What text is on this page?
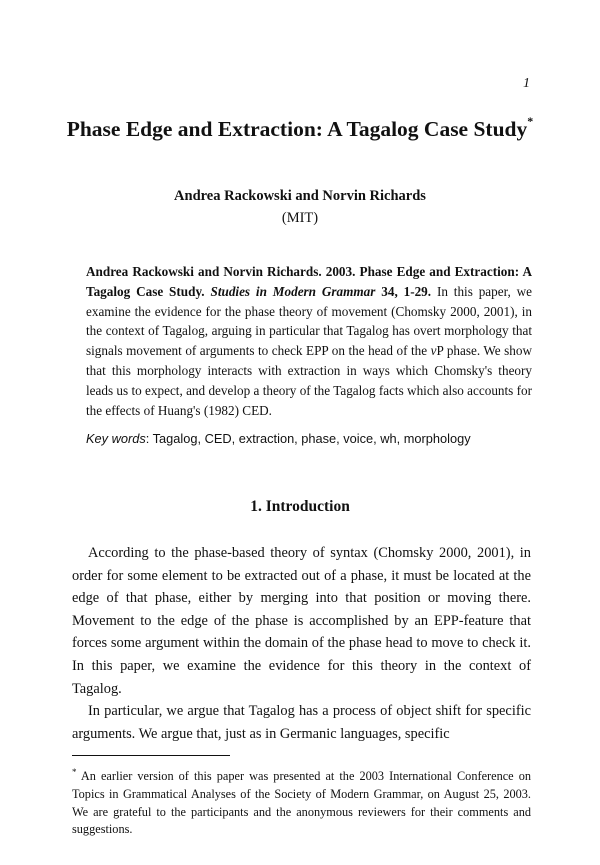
1
Phase Edge and Extraction: A Tagalog Case Study*
Andrea Rackowski and Norvin Richards
(MIT)

Andrea Rackowski and Norvin Richards. 2003. Phase Edge and Extraction: A Tagalog Case Study. Studies in Modern Grammar 34, 1-29. In this paper, we examine the evidence for the phase theory of movement (Chomsky 2000, 2001), in the context of Tagalog, arguing in particular that Tagalog has overt morphology that signals movement of arguments to check EPP on the head of the vP phase. We show that this morphology interacts with extraction in ways which Chomsky's theory leads us to expect, and develop a theory of the Tagalog facts which also accounts for the effects of Huang's (1982) CED.

Key words: Tagalog, CED, extraction, phase, voice, wh, morphology
1. Introduction

According to the phase-based theory of syntax (Chomsky 2000, 2001), in order for some element to be extracted out of a phase, it must be located at the edge of that phase, either by merging into that position or moving there. Movement to the edge of the phase is accomplished by an EPP-feature that forces some argument within the domain of the phase head to move to check it. In this paper, we examine the evidence for this theory in the context of Tagalog.

In particular, we argue that Tagalog has a process of object shift for specific arguments. We argue that, just as in Germanic languages, specific

* An earlier version of this paper was presented at the 2003 International Conference on Topics in Grammatical Analyses of the Society of Modern Grammar, on August 25, 2003. We are grateful to the participants and the anonymous reviewers for their comments and suggestions.
